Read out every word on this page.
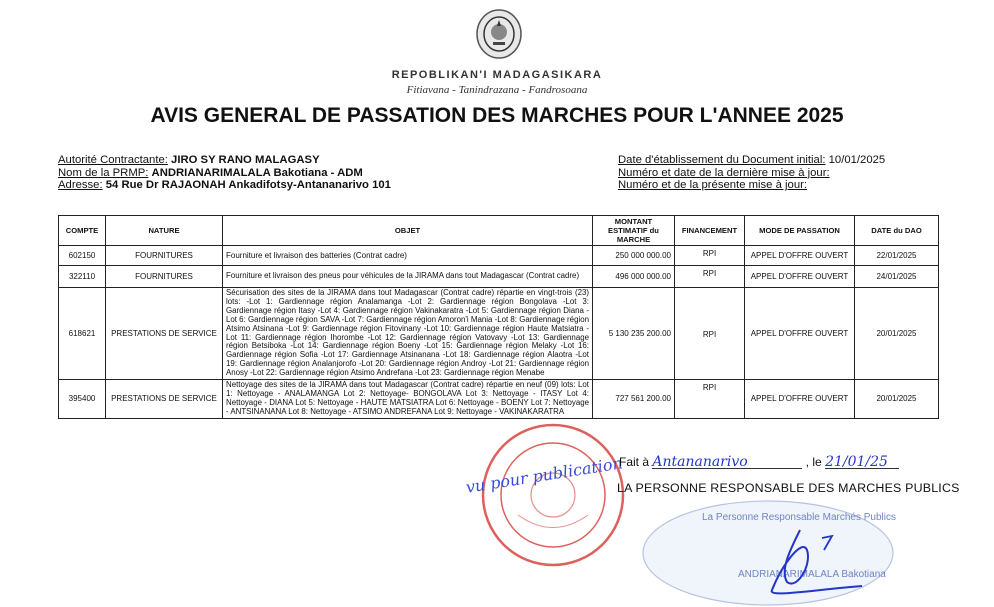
REPOBLIKAN'I MADAGASIKARA
Fitiavana - Tanindrazana - Fandrosoana
AVIS GENERAL DE PASSATION DES MARCHES POUR L'ANNEE 2025
Autorité Contractante: JIRO SY RANO MALAGASY
Nom de la PRMP: ANDRIANARIMALALA Bakotiana - ADM
Adresse: 54 Rue Dr RAJAONAH Ankadifotsy-Antananarivo 101
Date d'établissement du Document initial: 10/01/2025
Numéro et date de la dernière mise à jour:
Numéro et de la présente mise à jour:
COMPTE	NATURE	OBJET	MONTANT ESTIMATIF du MARCHE	FINANCEMENT	MODE DE PASSATION	DATE du DAO
602150	FOURNITURES	Fourniture et livraison des batteries (Contrat cadre)	250 000 000.00	RPI	APPEL D'OFFRE OUVERT	22/01/2025
322110	FOURNITURES	Fourniture et livraison des pneus pour véhicules de la JIRAMA dans tout Madagascar (Contrat cadre)	496 000 000.00	RPI	APPEL D'OFFRE OUVERT	24/01/2025
618621	PRESTATIONS DE SERVICE	Sécurisation des sites de la JIRAMA dans tout Madagascar (Contrat cadre) répartie en vingt-trois (23) lots: -Lot 1: Gardiennage région Analamanga -Lot 2: Gardiennage région Bongolava -Lot 3: Gardiennage région Itasy -Lot 4: Gardiennage région Vakinakaratra -Lot 5: Gardiennage région Diana -Lot 6: Gardiennage région SAVA -Lot 7: Gardiennage région Amoron'i Mania -Lot 8: Gardiennage région Atsimo Atsinana -Lot 9: Gardiennage région Fitovinany -Lot 10: Gardiennage région Haute Matsiatra -Lot 11: Gardiennage région Ihorombe -Lot 12: Gardiennage région Vatovavy -Lot 13: Gardiennage région Betsiboka -Lot 14: Gardiennage région Boeny -Lot 15: Gardiennage région Melaky -Lot 16: Gardiennage région Sofia -Lot 17: Gardiennage Atsinanana -Lot 18: Gardiennage région Alaotra -Lot 19: Gardiennage région Analanjorofo -Lot 20: Gardiennage région Androy -Lot 21: Gardiennage région Anosy -Lot 22: Gardiennage région Atsimo Andrefana -Lot 23: Gardiennage région Menabe	5 130 235 200.00	RPI	APPEL D'OFFRE OUVERT	20/01/2025
395400	PRESTATIONS DE SERVICE	Nettoyage des sites de la JIRAMA dans tout Madagascar (Contrat cadre) répartie en neuf (09) lots: Lot 1: Nettoyage - ANALAMANGA Lot 2: Nettoyage- BONGOLAVA Lot 3: Nettoyage - ITASY Lot 4: Nettoyage - DIANA Lot 5: Nettoyage - HAUTE MATSIATRA Lot 6: Nettoyage - BOENY Lot 7: Nettoyage - ANTSINANANA Lot 8: Nettoyage - ATSIMO ANDREFANA Lot 9: Nettoyage - VAKINAKARATRA	727 561 200.00	RPI	APPEL D'OFFRE OUVERT	20/01/2025
vu pour publication
Fait à Antananarivo	, le 21/01/25
LA PERSONNE RESPONSABLE DES MARCHES PUBLICS
La Personne Responsable Marchés Publics
ANDRIANARIMALALA Bakotiana
